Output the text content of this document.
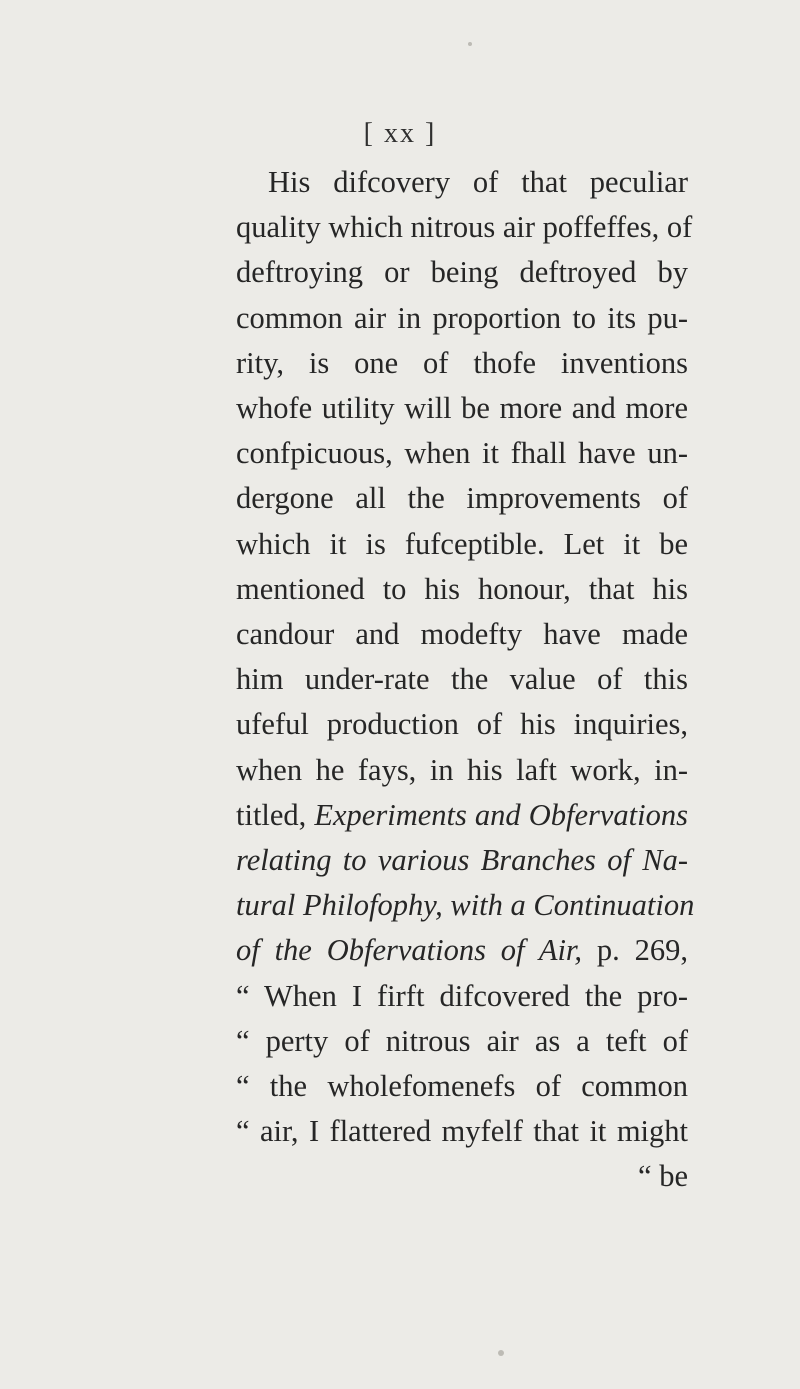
[ xx ]
His difcovery of that peculiar
quality which nitrous air poffeffes, of
deftroying or being deftroyed by
common air in proportion to its pu-
rity, is one of thofe inventions
whofe utility will be more and more
confpicuous, when it fhall have un-
dergone all the improvements of
which it is fufceptible. Let it be
mentioned to his honour, that his
candour and modefty have made
him under-rate the value of this
ufeful production of his inquiries,
when he fays, in his laft work, in-
titled, Experiments and Obfervations
relating to various Branches of Na-
tural Philofophy, with a Continuation
of the Obfervations of Air, p. 269,
“ When I firft difcovered the pro-
“ perty of nitrous air as a teft of
“ the wholefomenefs of common
“ air, I flattered myfelf that it might
“ be
